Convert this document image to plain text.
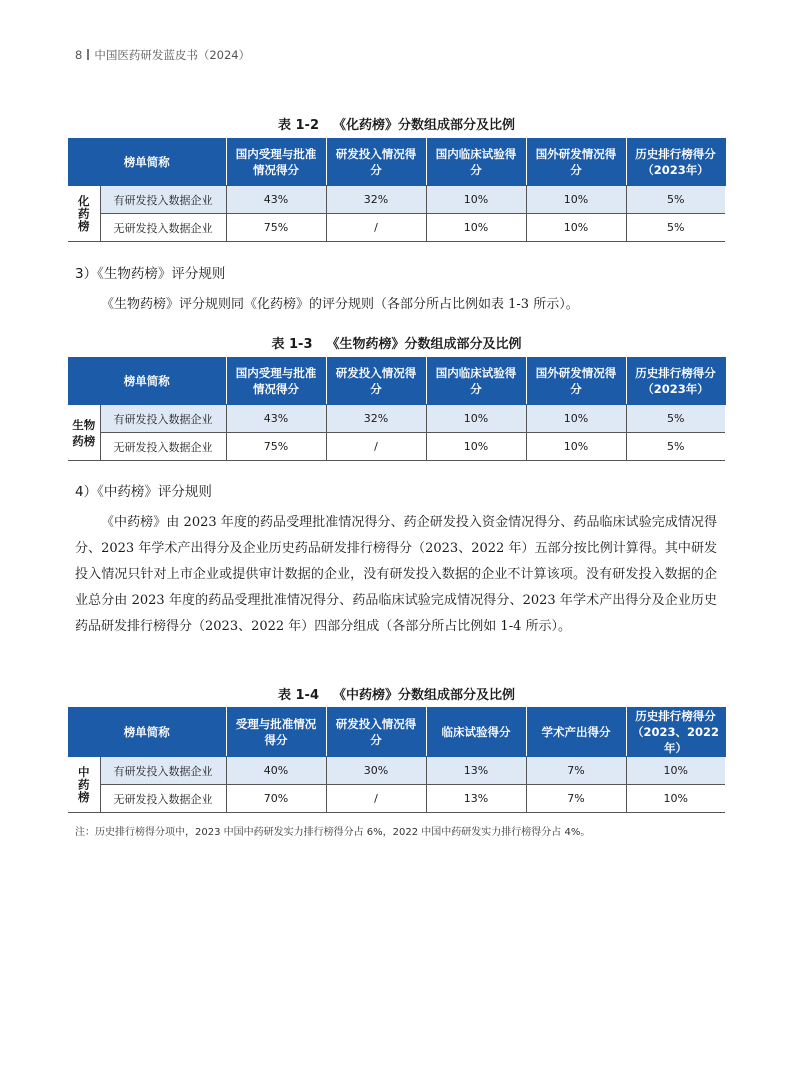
8 中国医药研发蓝皮书（2024）
表 1-2 《化药榜》分数组成部分及比例
榜单简称		国内受理与批准情况得分	研发投入情况得分	国内临床试验得分	国外研发情况得分	历史排行榜得分（2023年）
化药榜	有研发投入数据企业	43%	32%	10%	10%	5%
	无研发投入数据企业	75%	/	10%	10%	5%
3）《生物药榜》评分规则
《生物药榜》评分规则同《化药榜》的评分规则（各部分所占比例如表 1-3 所示）。
表 1-3 《生物药榜》分数组成部分及比例
榜单简称		国内受理与批准情况得分	研发投入情况得分	国内临床试验得分	国外研发情况得分	历史排行榜得分（2023年）
生物
药榜	有研发投入数据企业	43%	32%	10%	10%	5%
	无研发投入数据企业	75%	/	10%	10%	5%
4）《中药榜》评分规则
《中药榜》由 2023 年度的药品受理批准情况得分、药企研发投入资金情况得分、药品临床试验完成情况得分、2023 年学术产出得分及企业历史药品研发排行榜得分（2023、2022 年）五部分按比例计算得。其中研发投入情况只针对上市企业或提供审计数据的企业，没有研发投入数据的企业不计算该项。没有研发投入数据的企业总分由 2023 年度的药品受理批准情况得分、药品临床试验完成情况得分、2023 年学术产出得分及企业历史药品研发排行榜得分（2023、2022 年）四部分组成（各部分所占比例如 1-4 所示）。
表 1-4 《中药榜》分数组成部分及比例
榜单简称		受理与批准情况得分	研发投入情况得分	临床试验得分	学术产出得分	历史排行榜得分（2023、2022年）
中药榜	有研发投入数据企业	40%	30%	13%	7%	10%
	无研发投入数据企业	70%	/	13%	7%	10%
注：历史排行榜得分项中，2023 中国中药研发实力排行榜得分占 6%，2022 中国中药研发实力排行榜得分占 4%。
